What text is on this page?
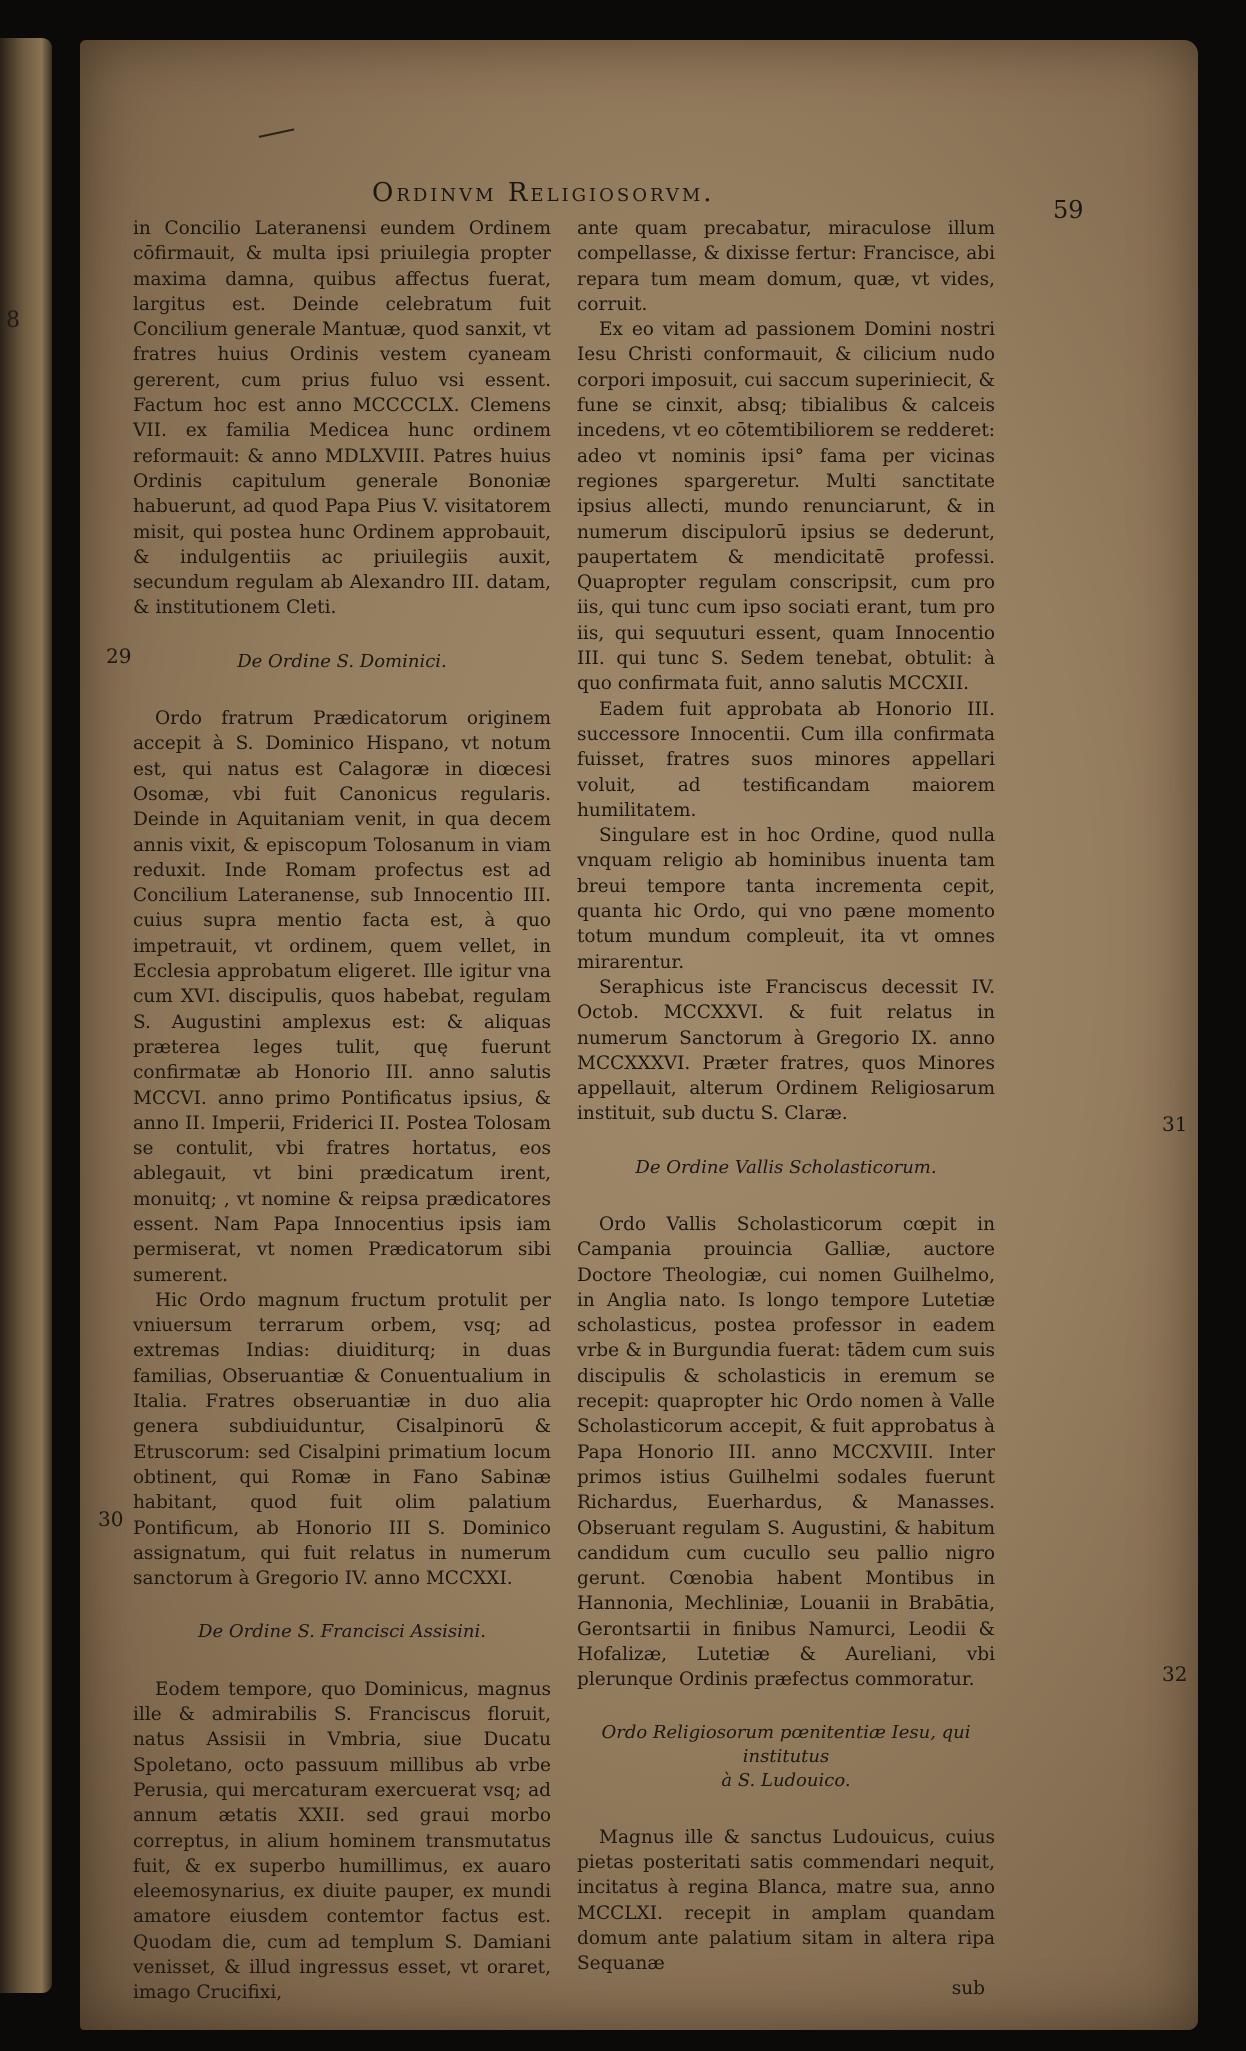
8
Ordinvm Religiosorvm.
59
29
30
31
32

in Concilio Lateranensi eundem Ordinem cōfirmauit, & multa ipsi priuilegia propter maxima damna, quibus affectus fuerat, largitus est. Deinde celebratum fuit Concilium generale Mantuæ, quod sanxit, vt fratres huius Ordinis vestem cyaneam gererent, cum prius fuluo vsi essent. Factum hoc est anno MCCCCLX. Clemens VII. ex familia Medicea hunc ordinem reformauit: & anno MDLXVIII. Patres huius Ordinis capitulum generale Bononiæ habuerunt, ad quod Papa Pius V. visitatorem misit, qui postea hunc Ordinem approbauit, & indulgentiis ac priuilegiis auxit, secundum regulam ab Alexandro III. datam, & institutionem Cleti.

De Ordine S. Dominici.

Ordo fratrum Prædicatorum originem accepit à S. Dominico Hispano, vt notum est, qui natus est Calagoræ in diœcesi Osomæ, vbi fuit Canonicus regularis. Deinde in Aquitaniam venit, in qua decem annis vixit, & episcopum Tolosanum in viam reduxit. Inde Romam profectus est ad Concilium Lateranense, sub Innocentio III. cuius supra mentio facta est, à quo impetrauit, vt ordinem, quem vellet, in Ecclesia approbatum eligeret. Ille igitur vna cum XVI. discipulis, quos habebat, regulam S. Augustini amplexus est: & aliquas præterea leges tulit, quę fuerunt confirmatæ ab Honorio III. anno salutis MCCVI. anno primo Pontificatus ipsius, & anno II. Imperii, Friderici II. Postea Tolosam se contulit, vbi fratres hortatus, eos ablegauit, vt bini prædicatum irent, monuitq; , vt nomine & reipsa prædicatores essent. Nam Papa Innocentius ipsis iam permiserat, vt nomen Prædicatorum sibi sumerent.

Hic Ordo magnum fructum protulit per vniuersum terrarum orbem, vsq; ad extremas Indias: diuiditurq; in duas familias, Obseruantiæ & Conuentualium in Italia. Fratres obseruantiæ in duo alia genera subdiuiduntur, Cisalpinorū & Etruscorum: sed Cisalpini primatium locum obtinent, qui Romæ in Fano Sabinæ habitant, quod fuit olim palatium Pontificum, ab Honorio III S. Dominico assignatum, qui fuit relatus in numerum sanctorum à Gregorio IV. anno MCCXXI.

De Ordine S. Francisci Assisini.

Eodem tempore, quo Dominicus, magnus ille & admirabilis S. Franciscus floruit, natus Assisii in Vmbria, siue Ducatu Spoletano, octo passuum millibus ab vrbe Perusia, qui mercaturam exercuerat vsq; ad annum ætatis XXII. sed graui morbo correptus, in alium hominem transmutatus fuit, & ex superbo humillimus, ex auaro eleemosynarius, ex diuite pauper, ex mundi amatore eiusdem contemtor factus est. Quodam die, cum ad templum S. Damiani venisset, & illud ingressus esset, vt oraret, imago Crucifixi,

ante quam precabatur, miraculose illum compellasse, & dixisse fertur: Francisce, abi repara tum meam domum, quæ, vt vides, corruit.

Ex eo vitam ad passionem Domini nostri Iesu Christi conformauit, & cilicium nudo corpori imposuit, cui saccum superiniecit, & fune se cinxit, absq; tibialibus & calceis incedens, vt eo cōtemtibiliorem se redderet: adeo vt nominis ipsi° fama per vicinas regiones spargeretur. Multi sanctitate ipsius allecti, mundo renunciarunt, & in numerum discipulorū ipsius se dederunt, paupertatem & mendicitatē professi. Quapropter regulam conscripsit, cum pro iis, qui tunc cum ipso sociati erant, tum pro iis, qui sequuturi essent, quam Innocentio III. qui tunc S. Sedem tenebat, obtulit: à quo confirmata fuit, anno salutis MCCXII.

Eadem fuit approbata ab Honorio III. successore Innocentii. Cum illa confirmata fuisset, fratres suos minores appellari voluit, ad testificandam maiorem humilitatem.

Singulare est in hoc Ordine, quod nulla vnquam religio ab hominibus inuenta tam breui tempore tanta incrementa cepit, quanta hic Ordo, qui vno pæne momento totum mundum compleuit, ita vt omnes mirarentur.

Seraphicus iste Franciscus decessit IV. Octob. MCCXXVI. & fuit relatus in numerum Sanctorum à Gregorio IX. anno MCCXXXVI. Præter fratres, quos Minores appellauit, alterum Ordinem Religiosarum instituit, sub ductu S. Claræ.

De Ordine Vallis Scholasticorum.

Ordo Vallis Scholasticorum cœpit in Campania prouincia Galliæ, auctore Doctore Theologiæ, cui nomen Guilhelmo, in Anglia nato. Is longo tempore Lutetiæ scholasticus, postea professor in eadem vrbe & in Burgundia fuerat: tādem cum suis discipulis & scholasticis in eremum se recepit: quapropter hic Ordo nomen à Valle Scholasticorum accepit, & fuit approbatus à Papa Honorio III. anno MCCXVIII. Inter primos istius Guilhelmi sodales fuerunt Richardus, Euerhardus, & Manasses. Obseruant regulam S. Augustini, & habitum candidum cum cucullo seu pallio nigro gerunt. Cœnobia habent Montibus in Hannonia, Mechliniæ, Louanii in Brabātia, Gerontsartii in finibus Namurci, Leodii & Hofalizæ, Lutetiæ & Aureliani, vbi plerunque Ordinis præfectus commoratur.

Ordo Religiosorum pœnitentiæ Iesu, qui institutus
à S. Ludouico.

Magnus ille & sanctus Ludouicus, cuius pietas posteritati satis commendari nequit, incitatus à regina Blanca, matre sua, anno MCCLXI. recepit in amplam quandam domum ante palatium sitam in altera ripa Sequanæ

sub
